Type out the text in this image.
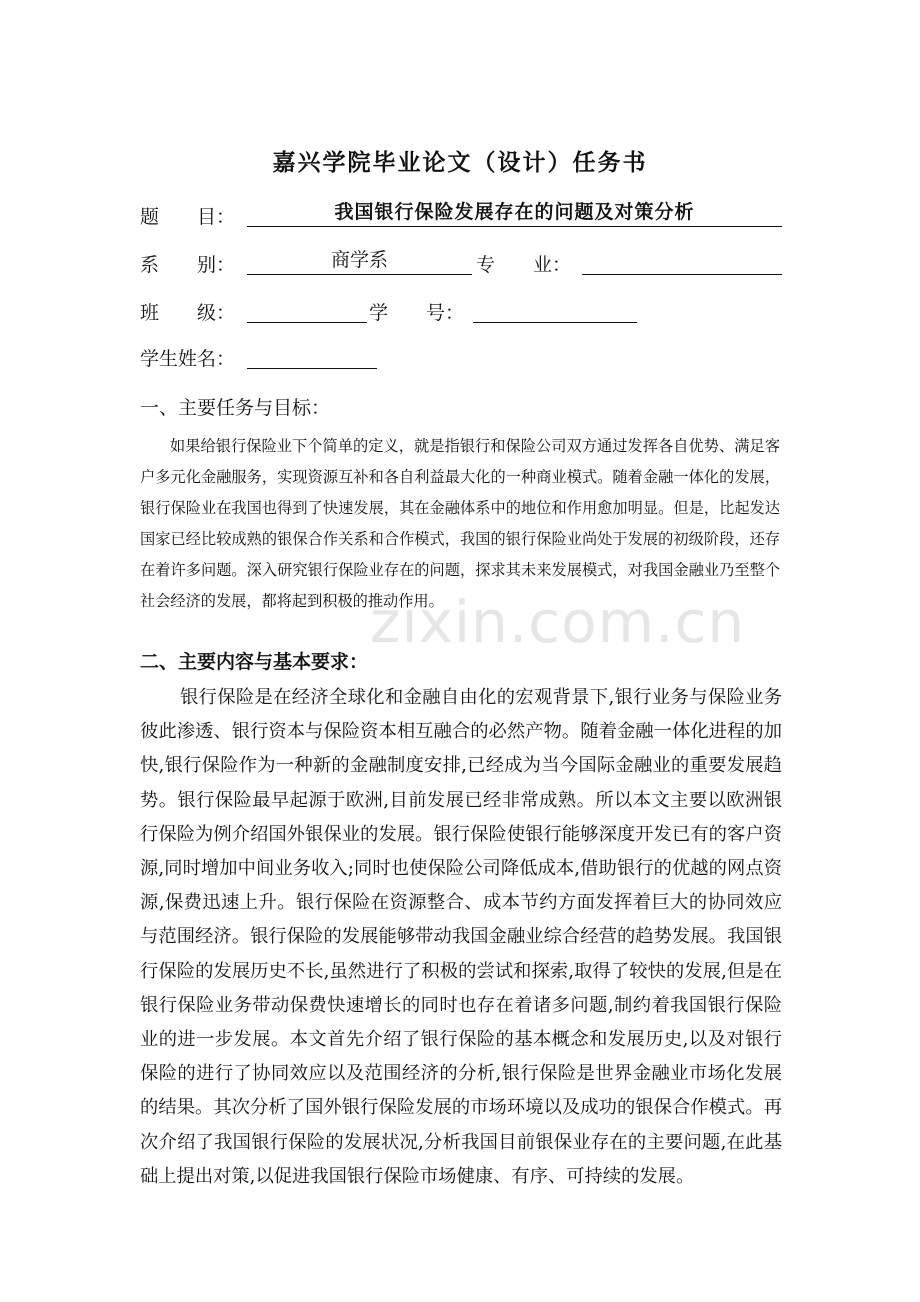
zixin.com.cn
嘉兴学院毕业论文（设计）任务书
题　　目：	我国银行保险发展存在的问题及对策分析
系　　别：	商学系	专　　业：
班　　级：	学　　号：
学生姓名：
一、主要任务与目标：
如果给银行保险业下个简单的定义，就是指银行和保险公司双方通过发挥各自优势、满足客户多元化金融服务，实现资源互补和各自利益最大化的一种商业模式。随着金融一体化的发展，银行保险业在我国也得到了快速发展，其在金融体系中的地位和作用愈加明显。但是，比起发达国家已经比较成熟的银保合作关系和合作模式，我国的银行保险业尚处于发展的初级阶段，还存在着许多问题。深入研究银行保险业存在的问题，探求其未来发展模式，对我国金融业乃至整个社会经济的发展，都将起到积极的推动作用。
二、主要内容与基本要求：
银行保险是在经济全球化和金融自由化的宏观背景下,银行业务与保险业务彼此渗透、银行资本与保险资本相互融合的必然产物。随着金融一体化进程的加快,银行保险作为一种新的金融制度安排,已经成为当今国际金融业的重要发展趋势。银行保险最早起源于欧洲,目前发展已经非常成熟。所以本文主要以欧洲银行保险为例介绍国外银保业的发展。银行保险使银行能够深度开发已有的客户资源,同时增加中间业务收入;同时也使保险公司降低成本,借助银行的优越的网点资源,保费迅速上升。银行保险在资源整合、成本节约方面发挥着巨大的协同效应与范围经济。银行保险的发展能够带动我国金融业综合经营的趋势发展。我国银行保险的发展历史不长,虽然进行了积极的尝试和探索,取得了较快的发展,但是在银行保险业务带动保费快速增长的同时也存在着诸多问题,制约着我国银行保险业的进一步发展。本文首先介绍了银行保险的基本概念和发展历史,以及对银行保险的进行了协同效应以及范围经济的分析,银行保险是世界金融业市场化发展的结果。其次分析了国外银行保险发展的市场环境以及成功的银保合作模式。再次介绍了我国银行保险的发展状况,分析我国目前银保业存在的主要问题,在此基础上提出对策,以促进我国银行保险市场健康、有序、可持续的发展。
